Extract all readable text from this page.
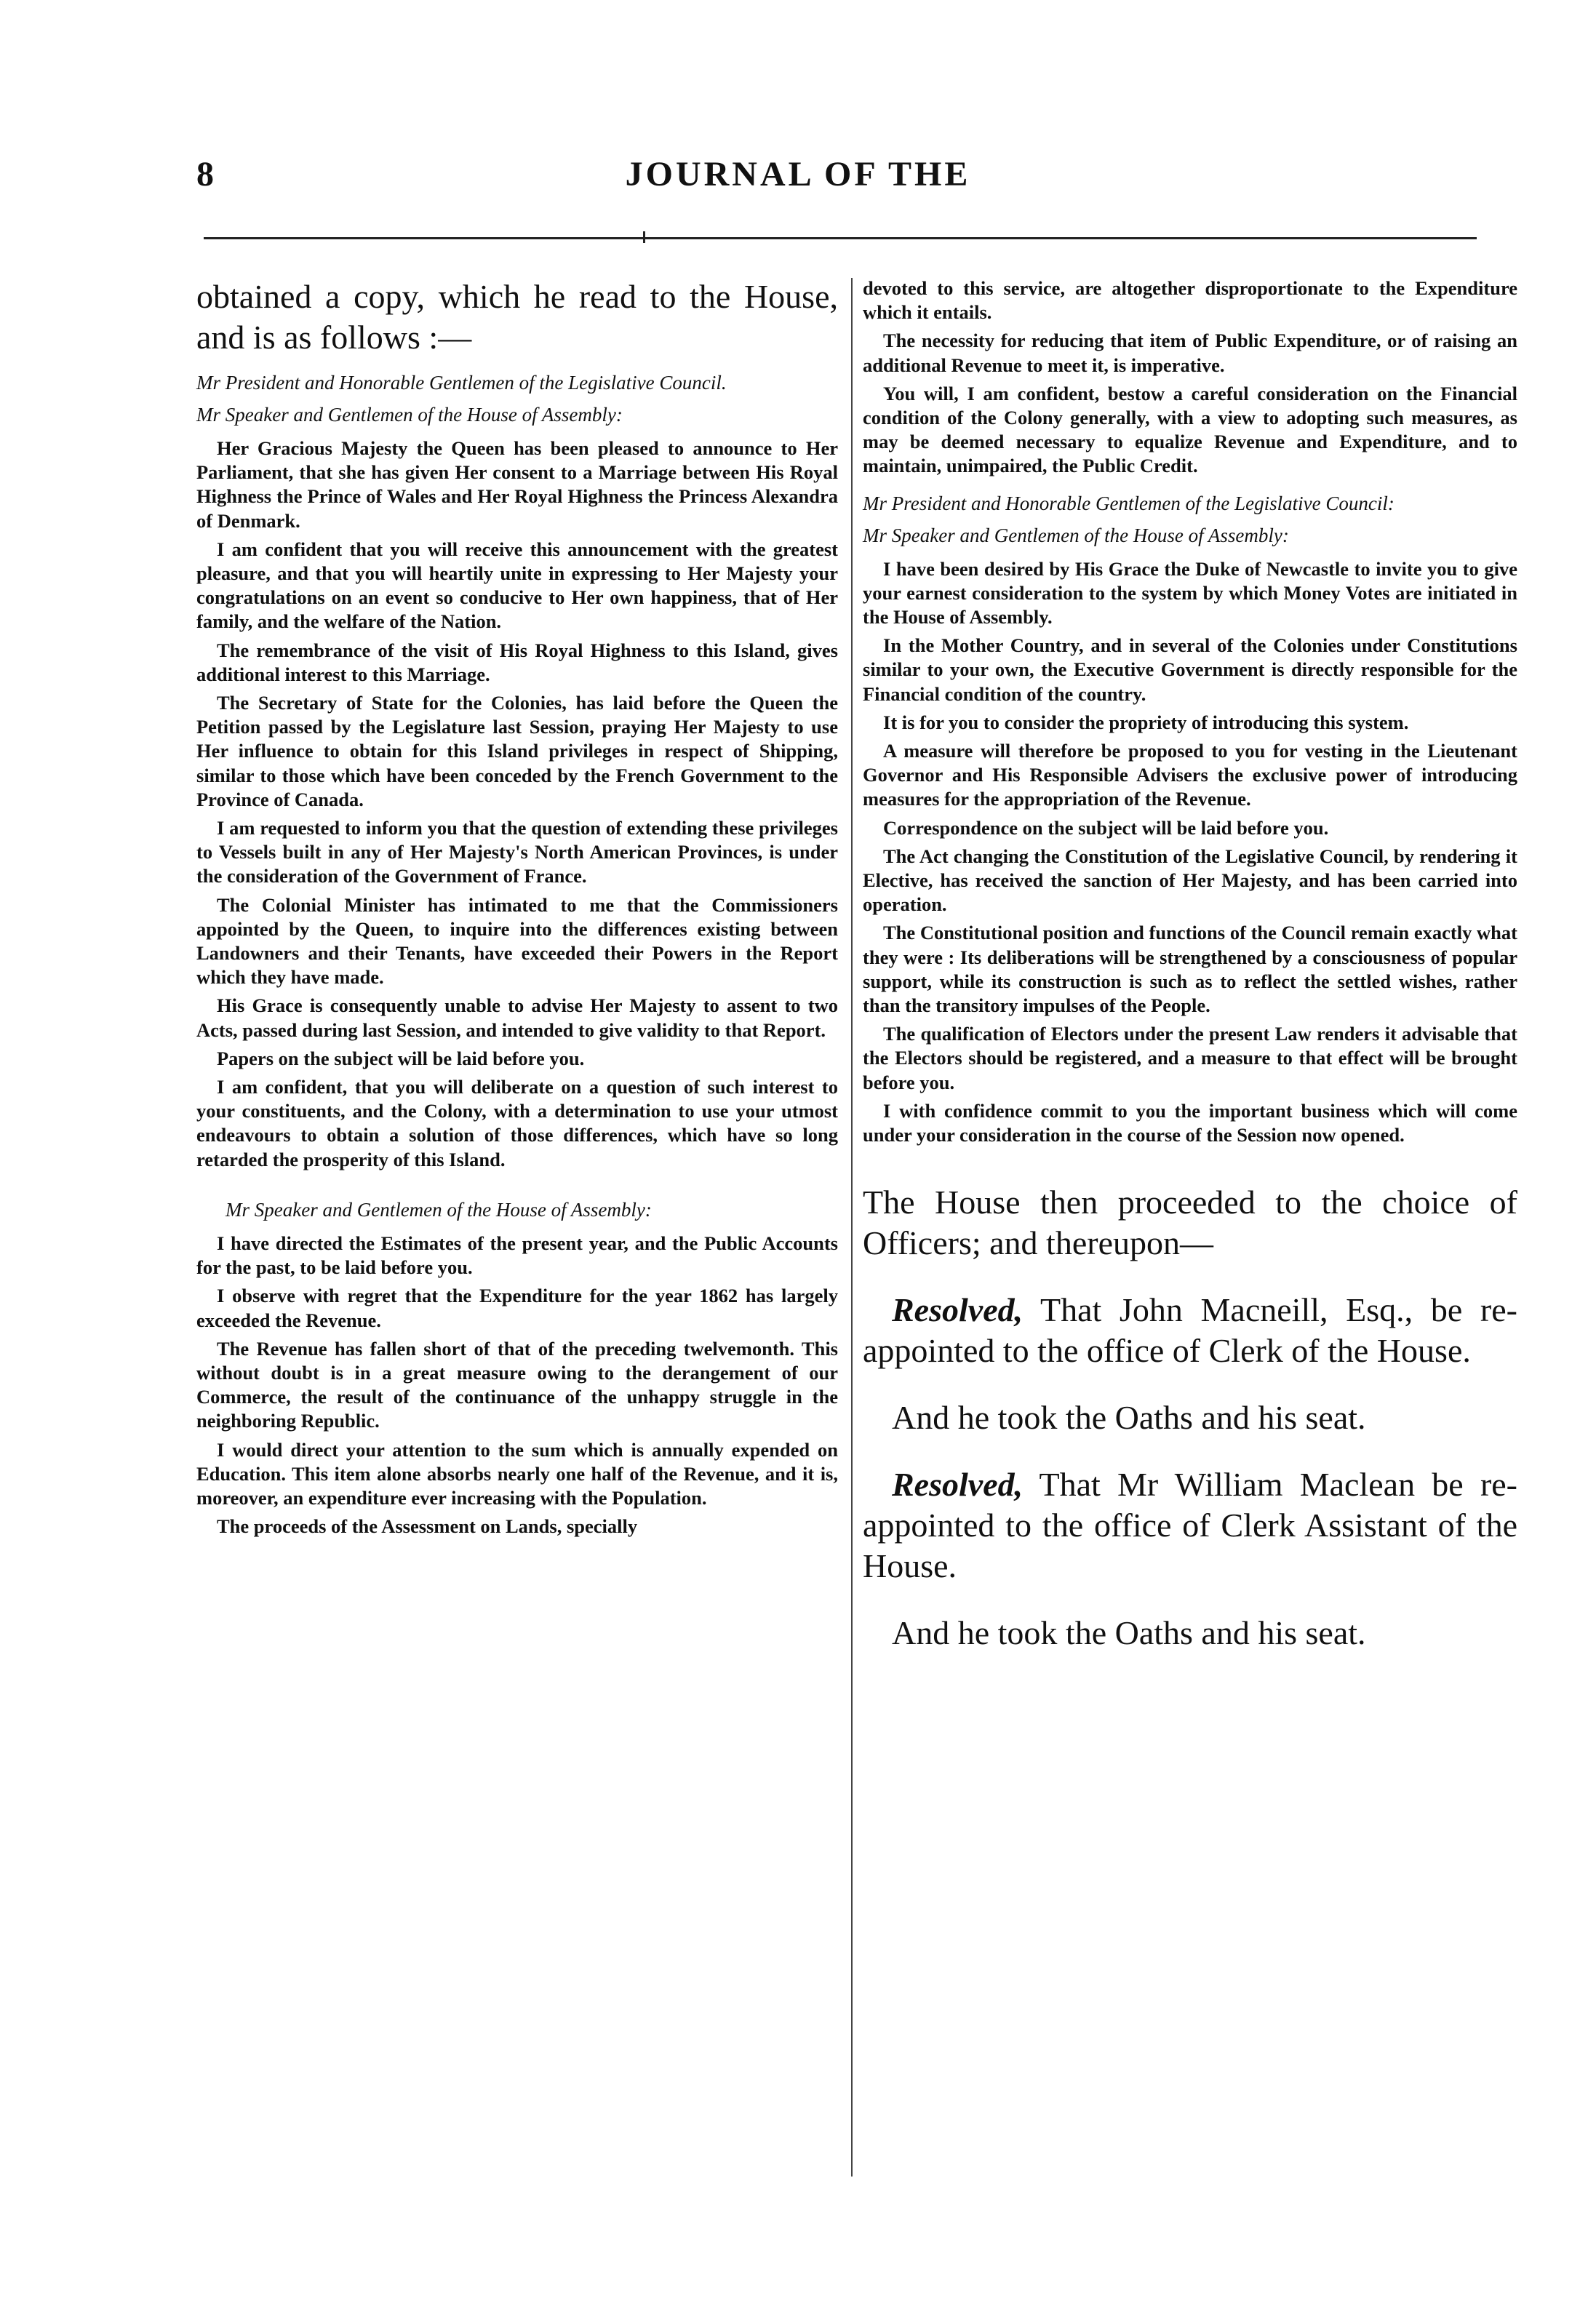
8	JOURNAL OF THE

obtained a copy, which he read to the House, and is as follows :—

Mr President and Honorable Gentlemen of the Legislative Council.

Mr Speaker and Gentlemen of the House of Assembly:

Her Gracious Majesty the Queen has been pleased to announce to Her Parliament, that she has given Her consent to a Marriage between His Royal Highness the Prince of Wales and Her Royal Highness the Princess Alexandra of Denmark.

I am confident that you will receive this announcement with the greatest pleasure, and that you will heartily unite in expressing to Her Majesty your congratulations on an event so conducive to Her own happiness, that of Her family, and the welfare of the Nation.

The remembrance of the visit of His Royal Highness to this Island, gives additional interest to this Marriage.

The Secretary of State for the Colonies, has laid before the Queen the Petition passed by the Legislature last Session, praying Her Majesty to use Her influence to obtain for this Island privileges in respect of Shipping, similar to those which have been conceded by the French Government to the Province of Canada.

I am requested to inform you that the question of extending these privileges to Vessels built in any of Her Majesty's North American Provinces, is under the consideration of the Government of France.

The Colonial Minister has intimated to me that the Commissioners appointed by the Queen, to inquire into the differences existing between Landowners and their Tenants, have exceeded their Powers in the Report which they have made.

His Grace is consequently unable to advise Her Majesty to assent to two Acts, passed during last Session, and intended to give validity to that Report.

Papers on the subject will be laid before you.

I am confident, that you will deliberate on a question of such interest to your constituents, and the Colony, with a determination to use your utmost endeavours to obtain a solution of those differences, which have so long retarded the prosperity of this Island.

Mr Speaker and Gentlemen of the House of Assembly:

I have directed the Estimates of the present year, and the Public Accounts for the past, to be laid before you.

I observe with regret that the Expenditure for the year 1862 has largely exceeded the Revenue.

The Revenue has fallen short of that of the preceding twelvemonth. This without doubt is in a great measure owing to the derangement of our Commerce, the result of the continuance of the unhappy struggle in the neighboring Republic.

I would direct your attention to the sum which is annually expended on Education. This item alone absorbs nearly one half of the Revenue, and it is, moreover, an expenditure ever increasing with the Population.

The proceeds of the Assessment on Lands, specially

devoted to this service, are altogether disproportionate to the Expenditure which it entails.

The necessity for reducing that item of Public Expenditure, or of raising an additional Revenue to meet it, is imperative.

You will, I am confident, bestow a careful consideration on the Financial condition of the Colony generally, with a view to adopting such measures, as may be deemed necessary to equalize Revenue and Expenditure, and to maintain, unimpaired, the Public Credit.

Mr President and Honorable Gentlemen of the Legislative Council:

Mr Speaker and Gentlemen of the House of Assembly:

I have been desired by His Grace the Duke of Newcastle to invite you to give your earnest consideration to the system by which Money Votes are initiated in the House of Assembly.

In the Mother Country, and in several of the Colonies under Constitutions similar to your own, the Executive Government is directly responsible for the Financial condition of the country.

It is for you to consider the propriety of introducing this system.

A measure will therefore be proposed to you for vesting in the Lieutenant Governor and His Responsible Advisers the exclusive power of introducing measures for the appropriation of the Revenue.

Correspondence on the subject will be laid before you.

The Act changing the Constitution of the Legislative Council, by rendering it Elective, has received the sanction of Her Majesty, and has been carried into operation.

The Constitutional position and functions of the Council remain exactly what they were : Its deliberations will be strengthened by a consciousness of popular support, while its construction is such as to reflect the settled wishes, rather than the transitory impulses of the People.

The qualification of Electors under the present Law renders it advisable that the Electors should be registered, and a measure to that effect will be brought before you.

I with confidence commit to you the important business which will come under your consideration in the course of the Session now opened.

The House then proceeded to the choice of Officers; and thereupon—

Resolved, That John Macneill, Esq., be re-appointed to the office of Clerk of the House.

And he took the Oaths and his seat.

Resolved, That Mr William Maclean be re-appointed to the office of Clerk Assistant of the House.

And he took the Oaths and his seat.
